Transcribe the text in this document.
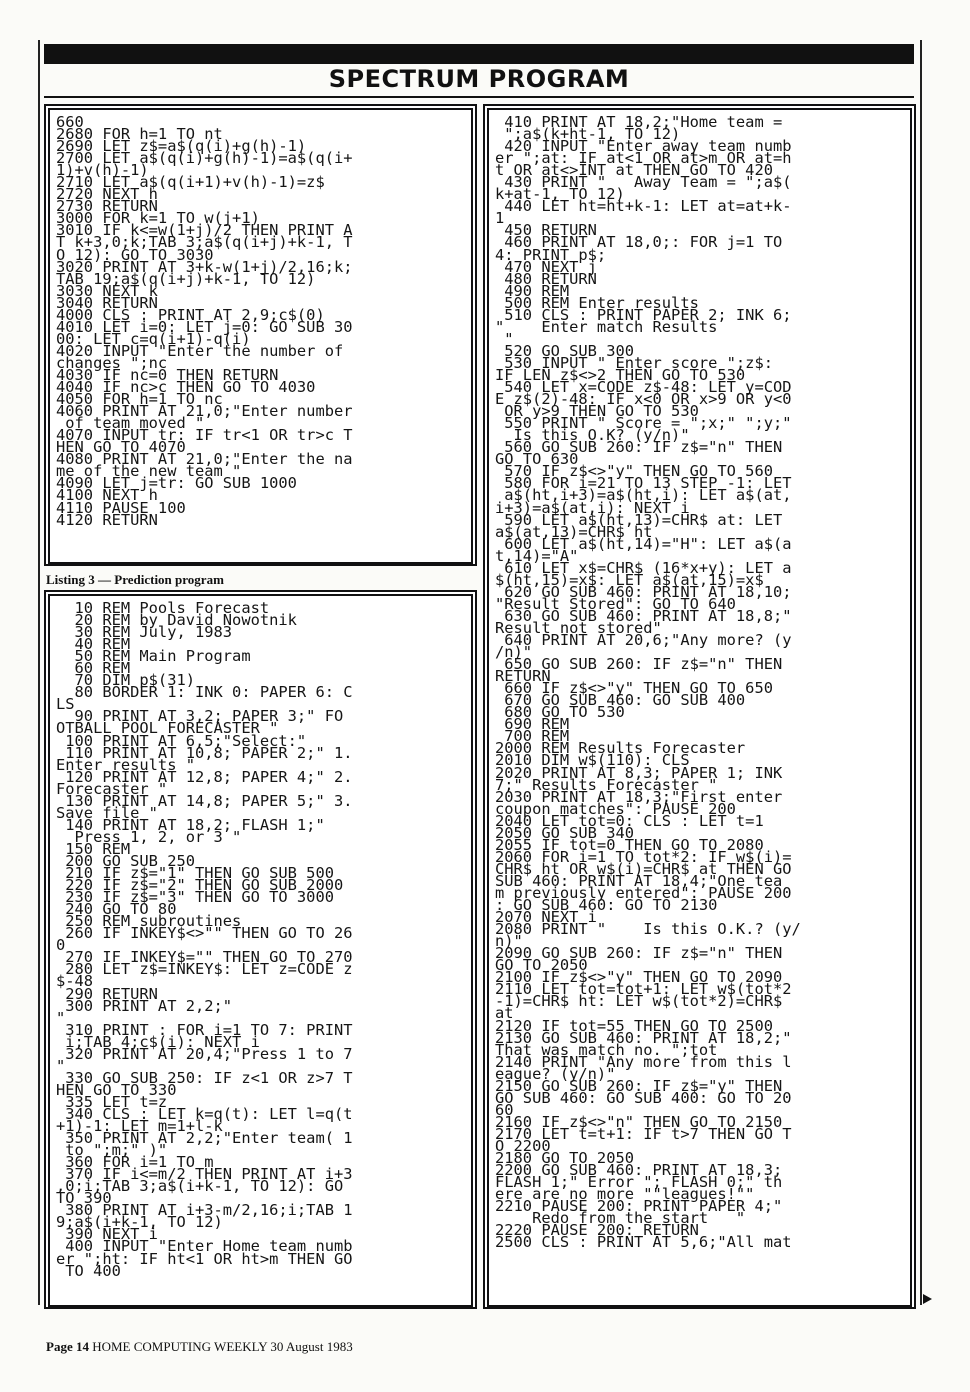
SPECTRUM PROGRAM
660
2680 FOR h=1 TO nt
2690 LET z$=a$(q(i)+g(h)-1)
2700 LET a$(q(i)+g(h)-1)=a$(q(i+
1)+v(h)-1)
2710 LET a$(q(i+1)+v(h)-1)=z$
2720 NEXT h
2730 RETURN
3000 FOR k=1 TO w(j+1)
3010 IF k<=w(1+j)/2 THEN PRINT A
T k+3,0;k;TAB 3;a$(q(i+j)+k-1, T
O 12): GO TO 3030
3020 PRINT AT 3+k-w(1+j)/2,16;k;
TAB 19;a$(q(i+j)+k-1, TO 12)
3030 NEXT k
3040 RETURN
4000 CLS : PRINT AT 2,9;c$(0)
4010 LET i=0: LET j=0: GO SUB 30
00: LET c=q(i+1)-q(i)
4020 INPUT "Enter the number of
changes ";nc
4030 IF nc=0 THEN RETURN
4040 IF nc>c THEN GO TO 4030
4050 FOR h=1 TO nc
4060 PRINT AT 21,0;"Enter number
of team moved "
4070 INPUT tr: IF tr<1 OR tr>c T
HEN GO TO 4070
4080 PRINT AT 21,0;"Enter the na
me of the new team "
4090 LET j=tr: GO SUB 1000
4100 NEXT h
4110 PAUSE 100
4120 RETURN
Listing 3 — Prediction program
10 REM Pools Forecast
20 REM by David Nowotnik
30 REM July, 1983
40 REM
50 REM Main Program
60 REM
70 DIM p$(31)
80 BORDER 1: INK 0: PAPER 6: C
LS
90 PRINT AT 3,2; PAPER 3;" FO
OTBALL POOL FORECASTER "
100 PRINT AT 6,5;"Select:"
110 PRINT AT 10,8; PAPER 2;" 1.
Enter results "
120 PRINT AT 12,8; PAPER 4;" 2.
Forecaster "
130 PRINT AT 14,8; PAPER 5;" 3.
Save file "
140 PRINT AT 18,2; FLASH 1;"
Press 1, 2, or 3 "
150 REM
200 GO SUB 250
210 IF z$="1" THEN GO SUB 500
220 IF z$="2" THEN GO SUB 2000
230 IF z$="3" THEN GO TO 3000
240 GO TO 80
250 REM subroutines
260 IF INKEY$<>"" THEN GO TO 26
0
270 IF INKEY$="" THEN GO TO 270
280 LET z$=INKEY$: LET z=CODE z
$-48
290 RETURN
300 PRINT AT 2,2;"
"
310 PRINT : FOR i=1 TO 7: PRINT
i;TAB 4;c$(i): NEXT i
320 PRINT AT 20,4;"Press 1 to 7
"
330 GO SUB 250: IF z<1 OR z>7 T
HEN GO TO 330
335 LET t=z
340 CLS : LET k=q(t): LET l=q(t
+1)-1: LET m=1+l-k
350 PRINT AT 2,2;"Enter team( 1
to ";m;" )"
360 FOR i=1 TO m
370 IF i<=m/2 THEN PRINT AT i+3
,0;i;TAB 3;a$(i+k-1, TO 12): GO
TO 390
380 PRINT AT i+3-m/2,16;i;TAB 1
9;a$(i+k-1, TO 12)
390 NEXT i
400 INPUT "Enter Home team numb
er ";ht: IF ht<1 OR ht>m THEN GO
TO 400
410 PRINT AT 18,2;"Home team =
";a$(k+ht-1, TO 12)
420 INPUT "Enter away team numb
er ";at: IF at<1 OR at>m OR at=h
t OR at<>INT at THEN GO TO 420
430 PRINT "   Away Team = ";a$(
k+at-1, TO 12)
440 LET ht=ht+k-1: LET at=at+k-
1
450 RETURN
460 PRINT AT 18,0;: FOR j=1 TO
4: PRINT p$;
470 NEXT j
480 RETURN
490 REM
500 REM Enter results
510 CLS : PRINT PAPER 2; INK 6;
"    Enter match Results
"
520 GO SUB 300
530 INPUT " Enter score ";z$:
IF LEN z$<>2 THEN GO TO 530
540 LET x=CODE z$-48: LET y=COD
E z$(2)-48: IF x<0 OR x>9 OR y<0
OR y>9 THEN GO TO 530
550 PRINT " Score = ";x;" ";y;"
Is this O.K? (y/n)"
560 GO SUB 260: IF z$="n" THEN
GO TO 630
570 IF z$<>"y" THEN GO TO 560
580 FOR i=21 TO 13 STEP -1: LET
a$(ht,i+3)=a$(ht,i): LET a$(at,
i+3)=a$(at,i): NEXT i
590 LET a$(ht,13)=CHR$ at: LET
a$(at,13)=CHR$ ht
600 LET a$(ht,14)="H": LET a$(a
t,14)="A"
610 LET x$=CHR$ (16*x+y): LET a
$(ht,15)=x$: LET a$(at,15)=x$
620 GO SUB 460: PRINT AT 18,10;
"Result Stored": GO TO 640
630 GO SUB 460: PRINT AT 18,8;"
Result not stored"
640 PRINT AT 20,6;"Any more? (y
/n)"
650 GO SUB 260: IF z$="n" THEN
RETURN
660 IF z$<>"y" THEN GO TO 650
670 GO SUB 460: GO SUB 400
680 GO TO 530
690 REM
700 REM
2000 REM Results Forecaster
2010 DIM w$(110): CLS
2020 PRINT AT 8,3; PAPER 1; INK
7;" Results Forecaster "
2030 PRINT AT 18,3;"First enter
coupon matches": PAUSE 200
2040 LET tot=0: CLS : LET t=1
2050 GO SUB 340
2055 IF tot=0 THEN GO TO 2080
2060 FOR i=1 TO tot*2: IF w$(i)=
CHR$ ht OR w$(i)=CHR$ at THEN GO
SUB 460: PRINT AT 18,4;"One tea
m previously entered": PAUSE 200
: GO SUB 460: GO TO 2130
2070 NEXT i
2080 PRINT "    Is this O.K.? (y/
n)"
2090 GO SUB 260: IF z$="n" THEN
GO TO 2050
2100 IF z$<>"y" THEN GO TO 2090
2110 LET tot=tot+1: LET w$(tot*2
-1)=CHR$ ht: LET w$(tot*2)=CHR$
at
2120 IF tot=55 THEN GO TO 2500
2130 GO SUB 460: PRINT AT 18,2;"
That was match no. ";tot
2140 PRINT "Any more from this l
eague? (y/n)"
2150 GO SUB 260: IF z$="y" THEN
GO SUB 460: GO SUB 400: GO TO 20
60
2160 IF z$<>"n" THEN GO TO 2150
2170 LET t=t+1: IF t>7 THEN GO T
O 2200
2180 GO TO 2050
2200 GO SUB 460: PRINT AT 18,3;
FLASH 1;" Error "; FLASH 0;" th
ere are no more ""leagues!""
2210 PAUSE 200: PRINT PAPER 4;"
Redo from the start   "
2220 PAUSE 200: RETURN
2500 CLS : PRINT AT 5,6;"All mat
Page 14 HOME COMPUTING WEEKLY 30 August 1983
